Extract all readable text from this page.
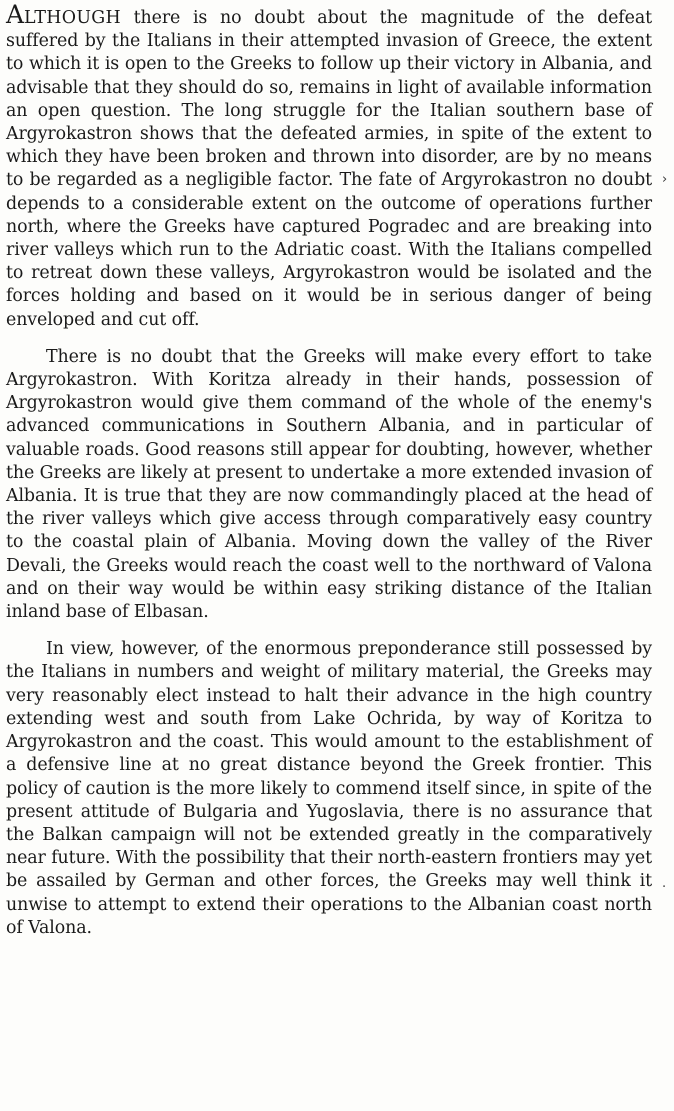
ALTHOUGH there is no doubt about the magnitude of the defeat suffered by the Italians in their attempted invasion of Greece, the extent to which it is open to the Greeks to follow up their victory in Albania, and advisable that they should do so, remains in light of available information an open question. The long struggle for the Italian southern base of Argyrokastron shows that the defeated armies, in spite of the extent to which they have been broken and thrown into disorder, are by no means to be regarded as a negligible factor. The fate of Argyrokastron no doubt depends to a considerable extent on the outcome of operations further north, where the Greeks have captured Pogradec and are breaking into river valleys which run to the Adriatic coast. With the Italians compelled to retreat down these valleys, Argyrokastron would be isolated and the forces holding and based on it would be in serious danger of being enveloped and cut off.

There is no doubt that the Greeks will make every effort to take Argyrokastron. With Koritza already in their hands, possession of Argyrokastron would give them command of the whole of the enemy's advanced communications in Southern Albania, and in particular of valuable roads. Good reasons still appear for doubting, however, whether the Greeks are likely at present to undertake a more extended invasion of Albania. It is true that they are now commandingly placed at the head of the river valleys which give access through comparatively easy country to the coastal plain of Albania. Moving down the valley of the River Devali, the Greeks would reach the coast well to the northward of Valona and on their way would be within easy striking distance of the Italian inland base of Elbasan.

In view, however, of the enormous preponderance still possessed by the Italians in numbers and weight of military material, the Greeks may very reasonably elect instead to halt their advance in the high country extending west and south from Lake Ochrida, by way of Koritza to Argyrokastron and the coast. This would amount to the establishment of a defensive line at no great distance beyond the Greek frontier. This policy of caution is the more likely to commend itself since, in spite of the present attitude of Bulgaria and Yugoslavia, there is no assurance that the Balkan campaign will not be extended greatly in the comparatively near future. With the possibility that their north-eastern frontiers may yet be assailed by German and other forces, the Greeks may well think it unwise to attempt to extend their operations to the Albanian coast north of Valona.

›
·
